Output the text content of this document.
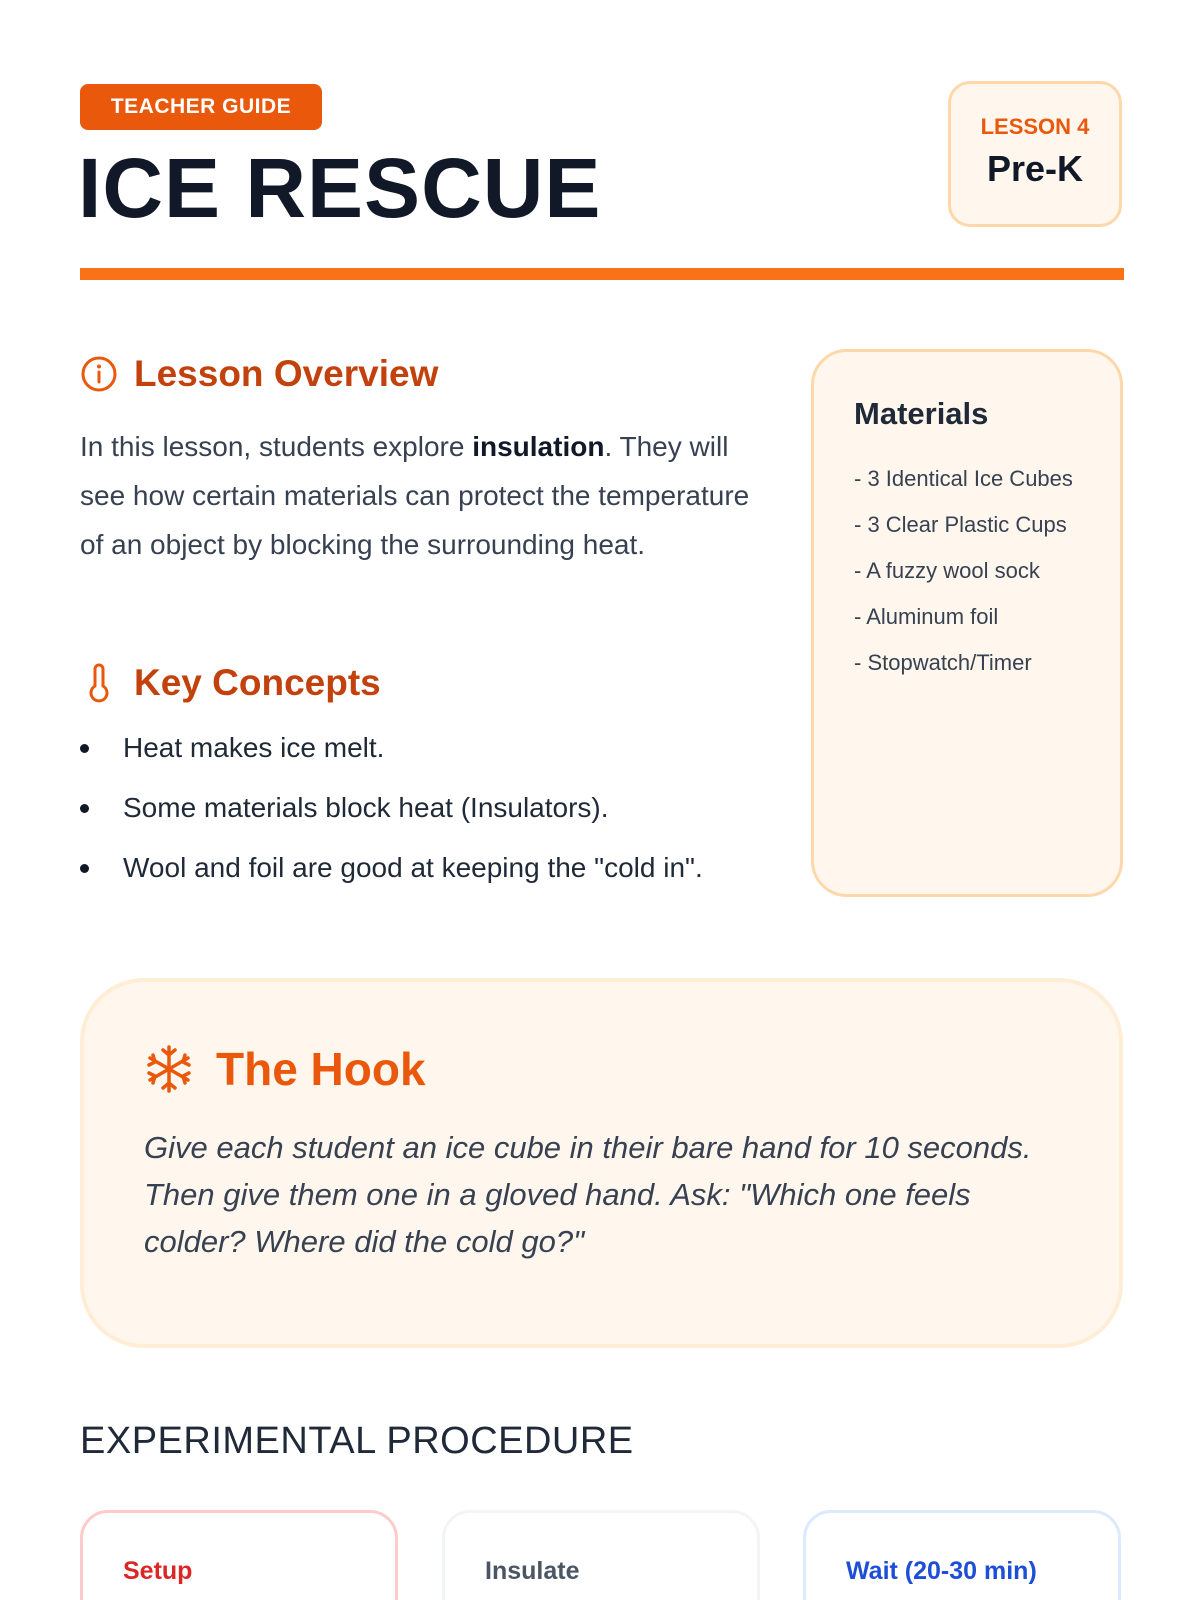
TEACHER GUIDE
ICE RESCUE
LESSON 4
Pre-K
Lesson Overview

In this lesson, students explore insulation. They will see how certain materials can protect the temperature of an object by blocking the surrounding heat.

Key Concepts
Heat makes ice melt.
Some materials block heat (Insulators).
Wool and foil are good at keeping the "cold in".
Materials
- 3 Identical Ice Cubes
- 3 Clear Plastic Cups
- A fuzzy wool sock
- Aluminum foil
- Stopwatch/Timer
The Hook

Give each student an ice cube in their bare hand for 10 seconds. Then give them one in a gloved hand. Ask: "Which one feels colder? Where did the cold go?"

EXPERIMENTAL PROCEDURE
Setup	Insulate	Wait (20-30 min)
